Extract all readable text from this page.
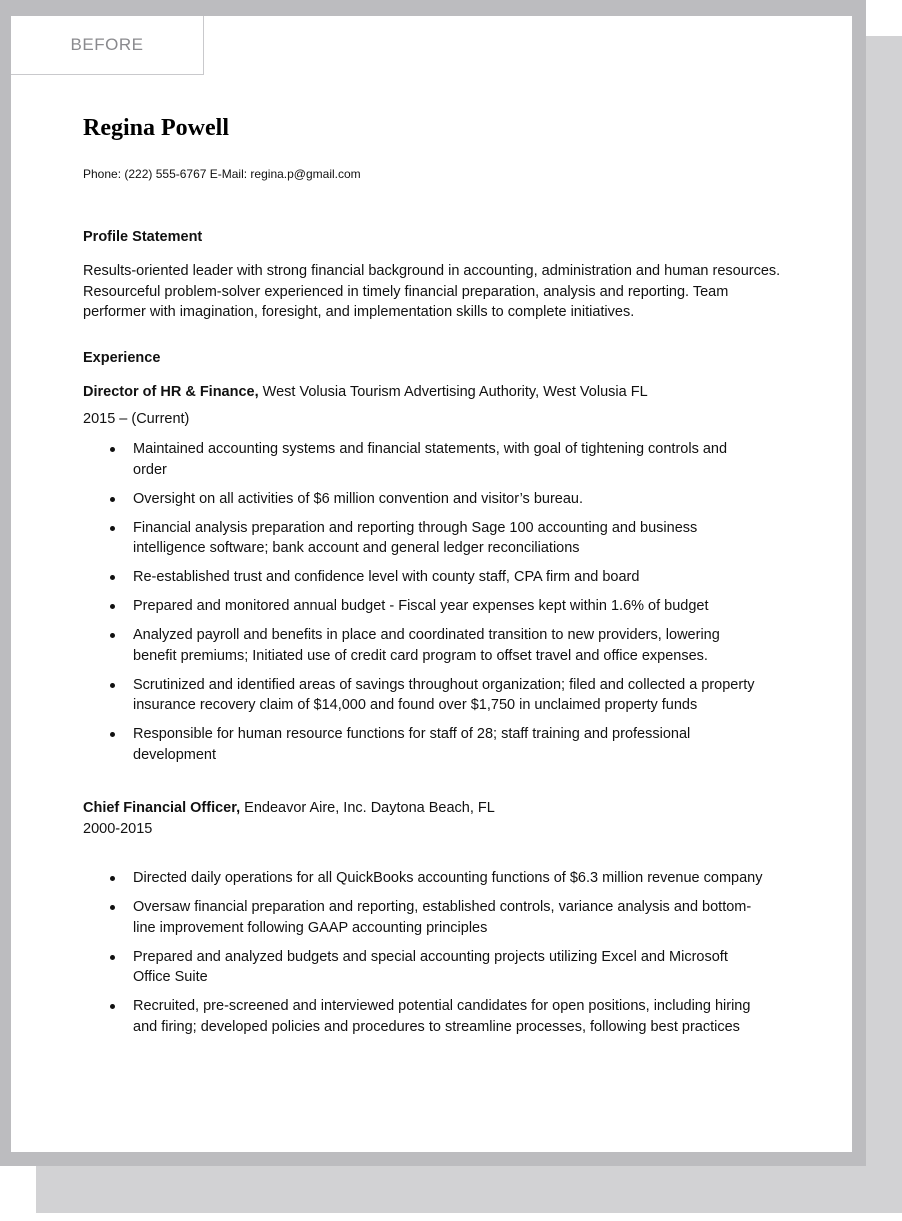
BEFORE
Regina Powell
Phone: (222) 555-6767 E-Mail: regina.p@gmail.com
Profile Statement

Results-oriented leader with strong financial background in accounting, administration and human resources. Resourceful problem-solver experienced in timely financial preparation, analysis and reporting. Team performer with imagination, foresight, and implementation skills to complete initiatives.

Experience
Director of HR & Finance, West Volusia Tourism Advertising Authority, West Volusia FL
2015 – (Current)
Maintained accounting systems and financial statements, with goal of tightening controls and order
Oversight on all activities of $6 million convention and visitor’s bureau.
Financial analysis preparation and reporting through Sage 100 accounting and business intelligence software; bank account and general ledger reconciliations
Re-established trust and confidence level with county staff, CPA firm and board
Prepared and monitored annual budget - Fiscal year expenses kept within 1.6% of budget
Analyzed payroll and benefits in place and coordinated transition to new providers, lowering benefit premiums; Initiated use of credit card program to offset travel and office expenses.
Scrutinized and identified areas of savings throughout organization; filed and collected a property insurance recovery claim of $14,000 and found over $1,750 in unclaimed property funds
Responsible for human resource functions for staff of 28; staff training and professional development
Chief Financial Officer, Endeavor Aire, Inc. Daytona Beach, FL
2000-2015
Directed daily operations for all QuickBooks accounting functions of $6.3 million revenue company
Oversaw financial preparation and reporting, established controls, variance analysis and bottom-line improvement following GAAP accounting principles
Prepared and analyzed budgets and special accounting projects utilizing Excel and Microsoft Office Suite
Recruited, pre-screened and interviewed potential candidates for open positions, including hiring and firing; developed policies and procedures to streamline processes, following best practices
